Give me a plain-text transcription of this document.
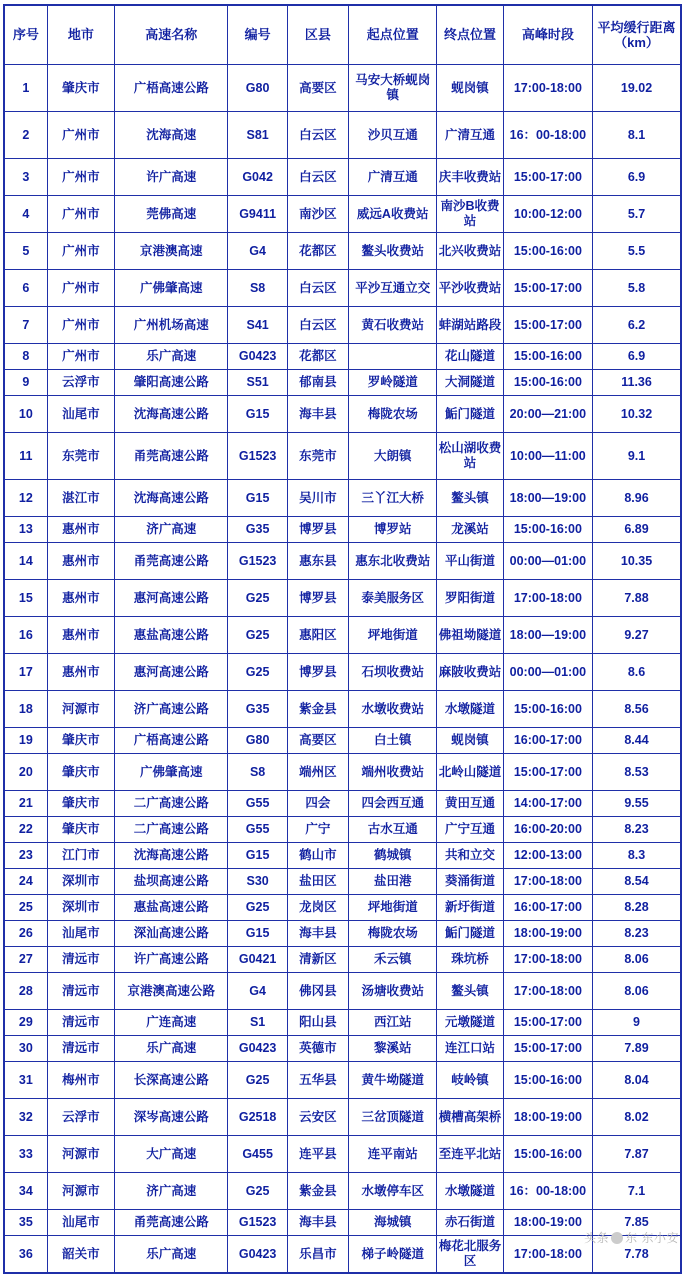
序号	地市	高速名称	编号	区县	起点位置	终点位置	高峰时段	平均缓行距离（km）
1	肇庆市	广梧高速公路	G80	高要区	马安大桥蚬岗镇	蚬岗镇	17:00-18:00	19.02
2	广州市	沈海高速	S81	白云区	沙贝互通	广清互通	16：00-18:00	8.1
3	广州市	许广高速	G042	白云区	广清互通	庆丰收费站	15:00-17:00	6.9
4	广州市	莞佛高速	G9411	南沙区	威远A收费站	南沙B收费站	10:00-12:00	5.7
5	广州市	京港澳高速	G4	花都区	鳌头收费站	北兴收费站	15:00-16:00	5.5
6	广州市	广佛肇高速	S8	白云区	平沙互通立交	平沙收费站	15:00-17:00	5.8
7	广州市	广州机场高速	S41	白云区	黄石收费站	蚌湖站路段	15:00-17:00	6.2
8	广州市	乐广高速	G0423	花都区		花山隧道	15:00-16:00	6.9
9	云浮市	肇阳高速公路	S51	郁南县	罗岭隧道	大洞隧道	15:00-16:00	11.36
10	汕尾市	沈海高速公路	G15	海丰县	梅陇农场	鮜门隧道	20:00—21:00	10.32
11	东莞市	甬莞高速公路	G1523	东莞市	大朗镇	松山湖收费站	10:00—11:00	9.1
12	湛江市	沈海高速公路	G15	吴川市	三丫江大桥	鳌头镇	18:00—19:00	8.96
13	惠州市	济广高速	G35	博罗县	博罗站	龙溪站	15:00-16:00	6.89
14	惠州市	甬莞高速公路	G1523	惠东县	惠东北收费站	平山街道	00:00—01:00	10.35
15	惠州市	惠河高速公路	G25	博罗县	泰美服务区	罗阳街道	17:00-18:00	7.88
16	惠州市	惠盐高速公路	G25	惠阳区	坪地街道	佛祖坳隧道	18:00—19:00	9.27
17	惠州市	惠河高速公路	G25	博罗县	石坝收费站	麻陂收费站	00:00—01:00	8.6
18	河源市	济广高速公路	G35	紫金县	水墩收费站	水墩隧道	15:00-16:00	8.56
19	肇庆市	广梧高速公路	G80	高要区	白土镇	蚬岗镇	16:00-17:00	8.44
20	肇庆市	广佛肇高速	S8	端州区	端州收费站	北岭山隧道	15:00-17:00	8.53
21	肇庆市	二广高速公路	G55	四会	四会西互通	黄田互通	14:00-17:00	9.55
22	肇庆市	二广高速公路	G55	广宁	古水互通	广宁互通	16:00-20:00	8.23
23	江门市	沈海高速公路	G15	鹤山市	鹤城镇	共和立交	12:00-13:00	8.3
24	深圳市	盐坝高速公路	S30	盐田区	盐田港	葵涌街道	17:00-18:00	8.54
25	深圳市	惠盐高速公路	G25	龙岗区	坪地街道	新圩街道	16:00-17:00	8.28
26	汕尾市	深汕高速公路	G15	海丰县	梅陇农场	鮜门隧道	18:00-19:00	8.23
27	清远市	许广高速公路	G0421	清新区	禾云镇	珠坑桥	17:00-18:00	8.06
28	清远市	京港澳高速公路	G4	佛冈县	汤塘收费站	鳌头镇	17:00-18:00	8.06
29	清远市	广连高速	S1	阳山县	西江站	元墩隧道	15:00-17:00	9
30	清远市	乐广高速	G0423	英德市	黎溪站	连江口站	15:00-17:00	7.89
31	梅州市	长深高速公路	G25	五华县	黄牛坳隧道	岐岭镇	15:00-16:00	8.04
32	云浮市	深岑高速公路	G2518	云安区	三岔顶隧道	横槽高架桥	18:00-19:00	8.02
33	河源市	大广高速	G455	连平县	连平南站	至连平北站	15:00-16:00	7.87
34	河源市	济广高速	G25	紫金县	水墩停车区	水墩隧道	16：00-18:00	7.1
35	汕尾市	甬莞高速公路	G1523	海丰县	海城镇	赤石街道	18:00-19:00	7.85
36	韶关市	乐广高速	G0423	乐昌市	梯子岭隧道	梅花北服务区	17:00-18:00	7.78
头条 东 东小安
